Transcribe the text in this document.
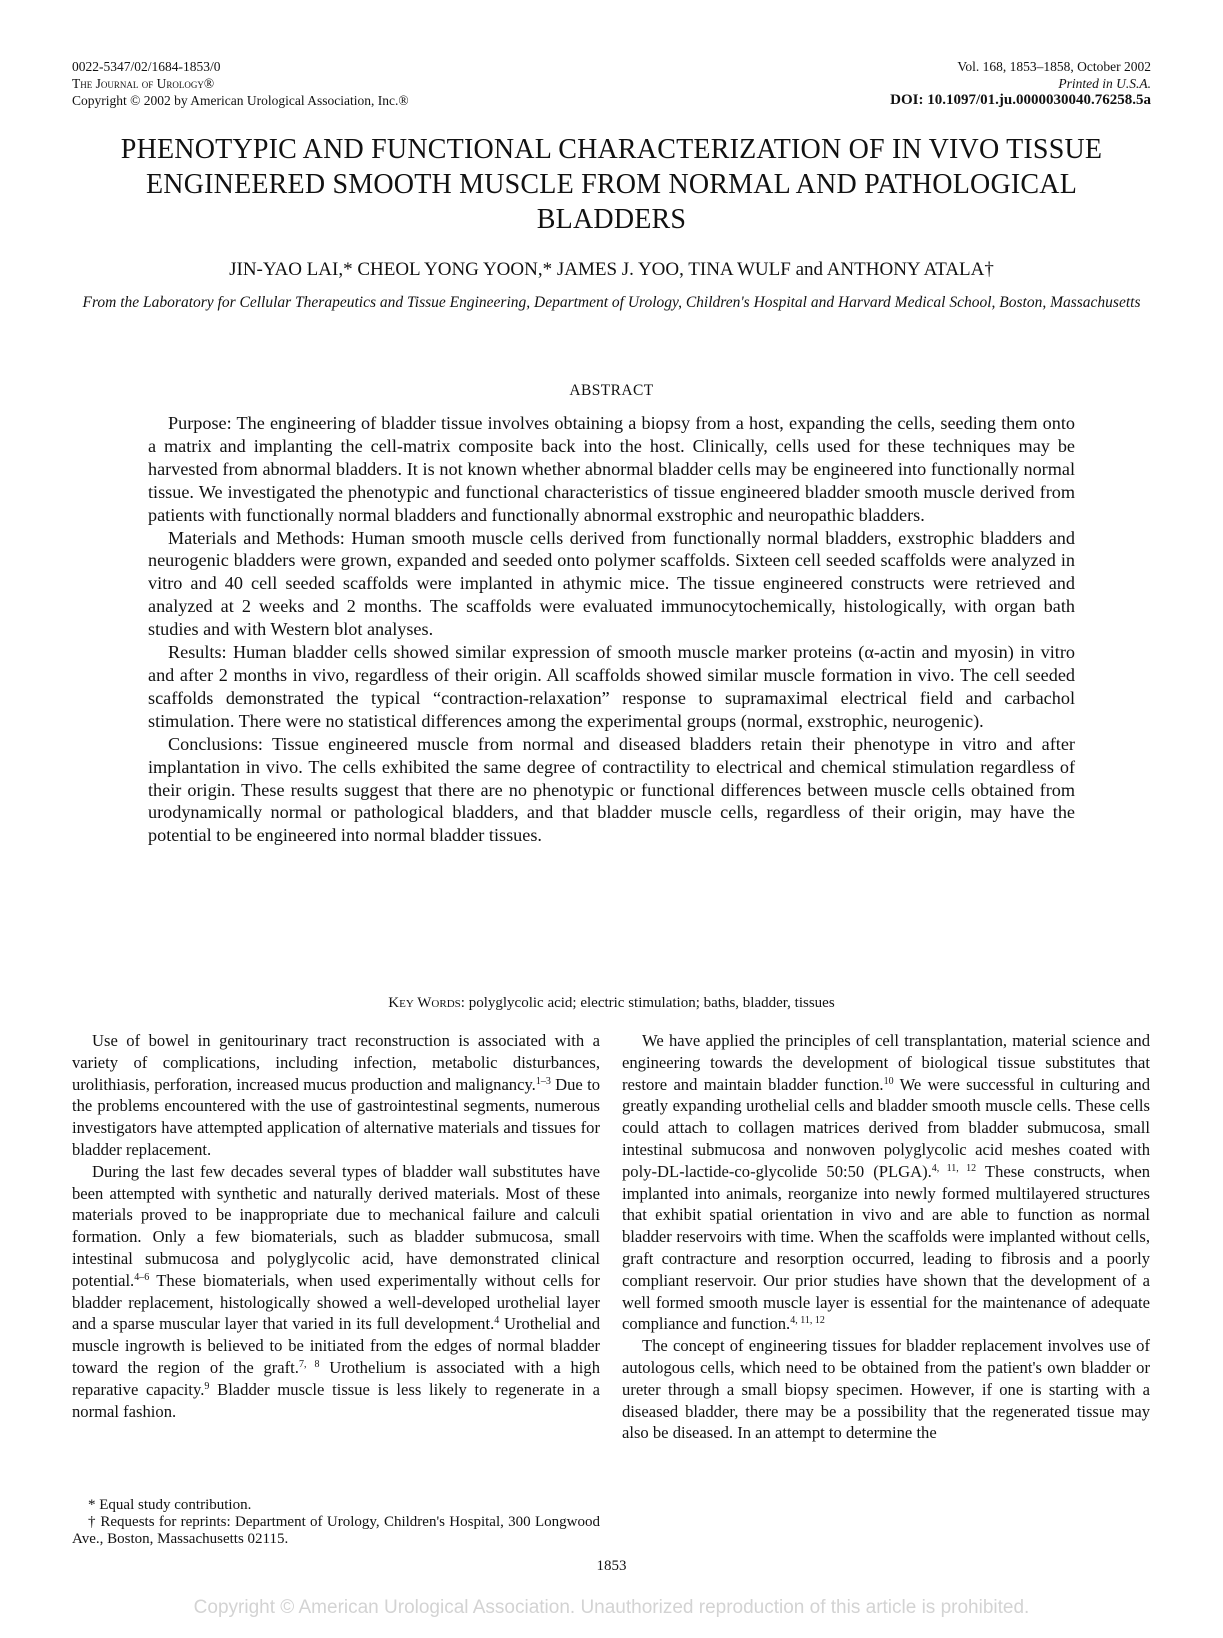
0022-5347/02/1684-1853/0
The Journal of Urology®
Copyright © 2002 by American Urological Association, Inc.®
Vol. 168, 1853–1858, October 2002
Printed in U.S.A.
DOI: 10.1097/01.ju.0000030040.76258.5a
PHENOTYPIC AND FUNCTIONAL CHARACTERIZATION OF IN VIVO TISSUE ENGINEERED SMOOTH MUSCLE FROM NORMAL AND PATHOLOGICAL BLADDERS
JIN-YAO LAI,* CHEOL YONG YOON,* JAMES J. YOO, TINA WULF and ANTHONY ATALA†
From the Laboratory for Cellular Therapeutics and Tissue Engineering, Department of Urology, Children's Hospital and Harvard Medical School, Boston, Massachusetts
ABSTRACT

Purpose: The engineering of bladder tissue involves obtaining a biopsy from a host, expanding the cells, seeding them onto a matrix and implanting the cell-matrix composite back into the host. Clinically, cells used for these techniques may be harvested from abnormal bladders. It is not known whether abnormal bladder cells may be engineered into functionally normal tissue. We investigated the phenotypic and functional characteristics of tissue engineered bladder smooth muscle derived from patients with functionally normal bladders and functionally abnormal exstrophic and neuropathic bladders.

Materials and Methods: Human smooth muscle cells derived from functionally normal bladders, exstrophic bladders and neurogenic bladders were grown, expanded and seeded onto polymer scaffolds. Sixteen cell seeded scaffolds were analyzed in vitro and 40 cell seeded scaffolds were implanted in athymic mice. The tissue engineered constructs were retrieved and analyzed at 2 weeks and 2 months. The scaffolds were evaluated immunocytochemically, histologically, with organ bath studies and with Western blot analyses.

Results: Human bladder cells showed similar expression of smooth muscle marker proteins (α-actin and myosin) in vitro and after 2 months in vivo, regardless of their origin. All scaffolds showed similar muscle formation in vivo. The cell seeded scaffolds demonstrated the typical “contraction-relaxation” response to supramaximal electrical field and carbachol stimulation. There were no statistical differences among the experimental groups (normal, exstrophic, neurogenic).

Conclusions: Tissue engineered muscle from normal and diseased bladders retain their phenotype in vitro and after implantation in vivo. The cells exhibited the same degree of contractility to electrical and chemical stimulation regardless of their origin. These results suggest that there are no phenotypic or functional differences between muscle cells obtained from urodynamically normal or pathological bladders, and that bladder muscle cells, regardless of their origin, may have the potential to be engineered into normal bladder tissues.

Key Words: polyglycolic acid; electric stimulation; baths, bladder, tissues

Use of bowel in genitourinary tract reconstruction is associated with a variety of complications, including infection, metabolic disturbances, urolithiasis, perforation, increased mucus production and malignancy.$^{1-3}$ Due to the problems encountered with the use of gastrointestinal segments, numerous investigators have attempted application of alternative materials and tissues for bladder replacement.

During the last few decades several types of bladder wall substitutes have been attempted with synthetic and naturally derived materials. Most of these materials proved to be inappropriate due to mechanical failure and calculi formation. Only a few biomaterials, such as bladder submucosa, small intestinal submucosa and polyglycolic acid, have demonstrated clinical potential.$^{4-6}$ These biomaterials, when used experimentally without cells for bladder replacement, histologically showed a well-developed urothelial layer and a sparse muscular layer that varied in its full development.$^4$ Urothelial and muscle ingrowth is believed to be initiated from the edges of normal bladder toward the region of the graft.$^{7, 8}$ Urothelium is associated with a high reparative capacity.$^9$ Bladder muscle tissue is less likely to regenerate in a normal fashion.

We have applied the principles of cell transplantation, material science and engineering towards the development of biological tissue substitutes that restore and maintain bladder function.$^{10}$ We were successful in culturing and greatly expanding urothelial cells and bladder smooth muscle cells. These cells could attach to collagen matrices derived from bladder submucosa, small intestinal submucosa and nonwoven polyglycolic acid meshes coated with poly-DL-lactide-co-glycolide 50:50 (PLGA).$^{4, 11, 12}$ These constructs, when implanted into animals, reorganize into newly formed multilayered structures that exhibit spatial orientation in vivo and are able to function as normal bladder reservoirs with time. When the scaffolds were implanted without cells, graft contracture and resorption occurred, leading to fibrosis and a poorly compliant reservoir. Our prior studies have shown that the development of a well formed smooth muscle layer is essential for the maintenance of adequate compliance and function.$^{4, 11, 12}$

The concept of engineering tissues for bladder replacement involves use of autologous cells, which need to be obtained from the patient's own bladder or ureter through a small biopsy specimen. However, if one is starting with a diseased bladder, there may be a possibility that the regenerated tissue may also be diseased. In an attempt to determine the

* Equal study contribution.

† Requests for reprints: Department of Urology, Children's Hospital, 300 Longwood Ave., Boston, Massachusetts 02115.

1853
Copyright © American Urological Association. Unauthorized reproduction of this article is prohibited.
